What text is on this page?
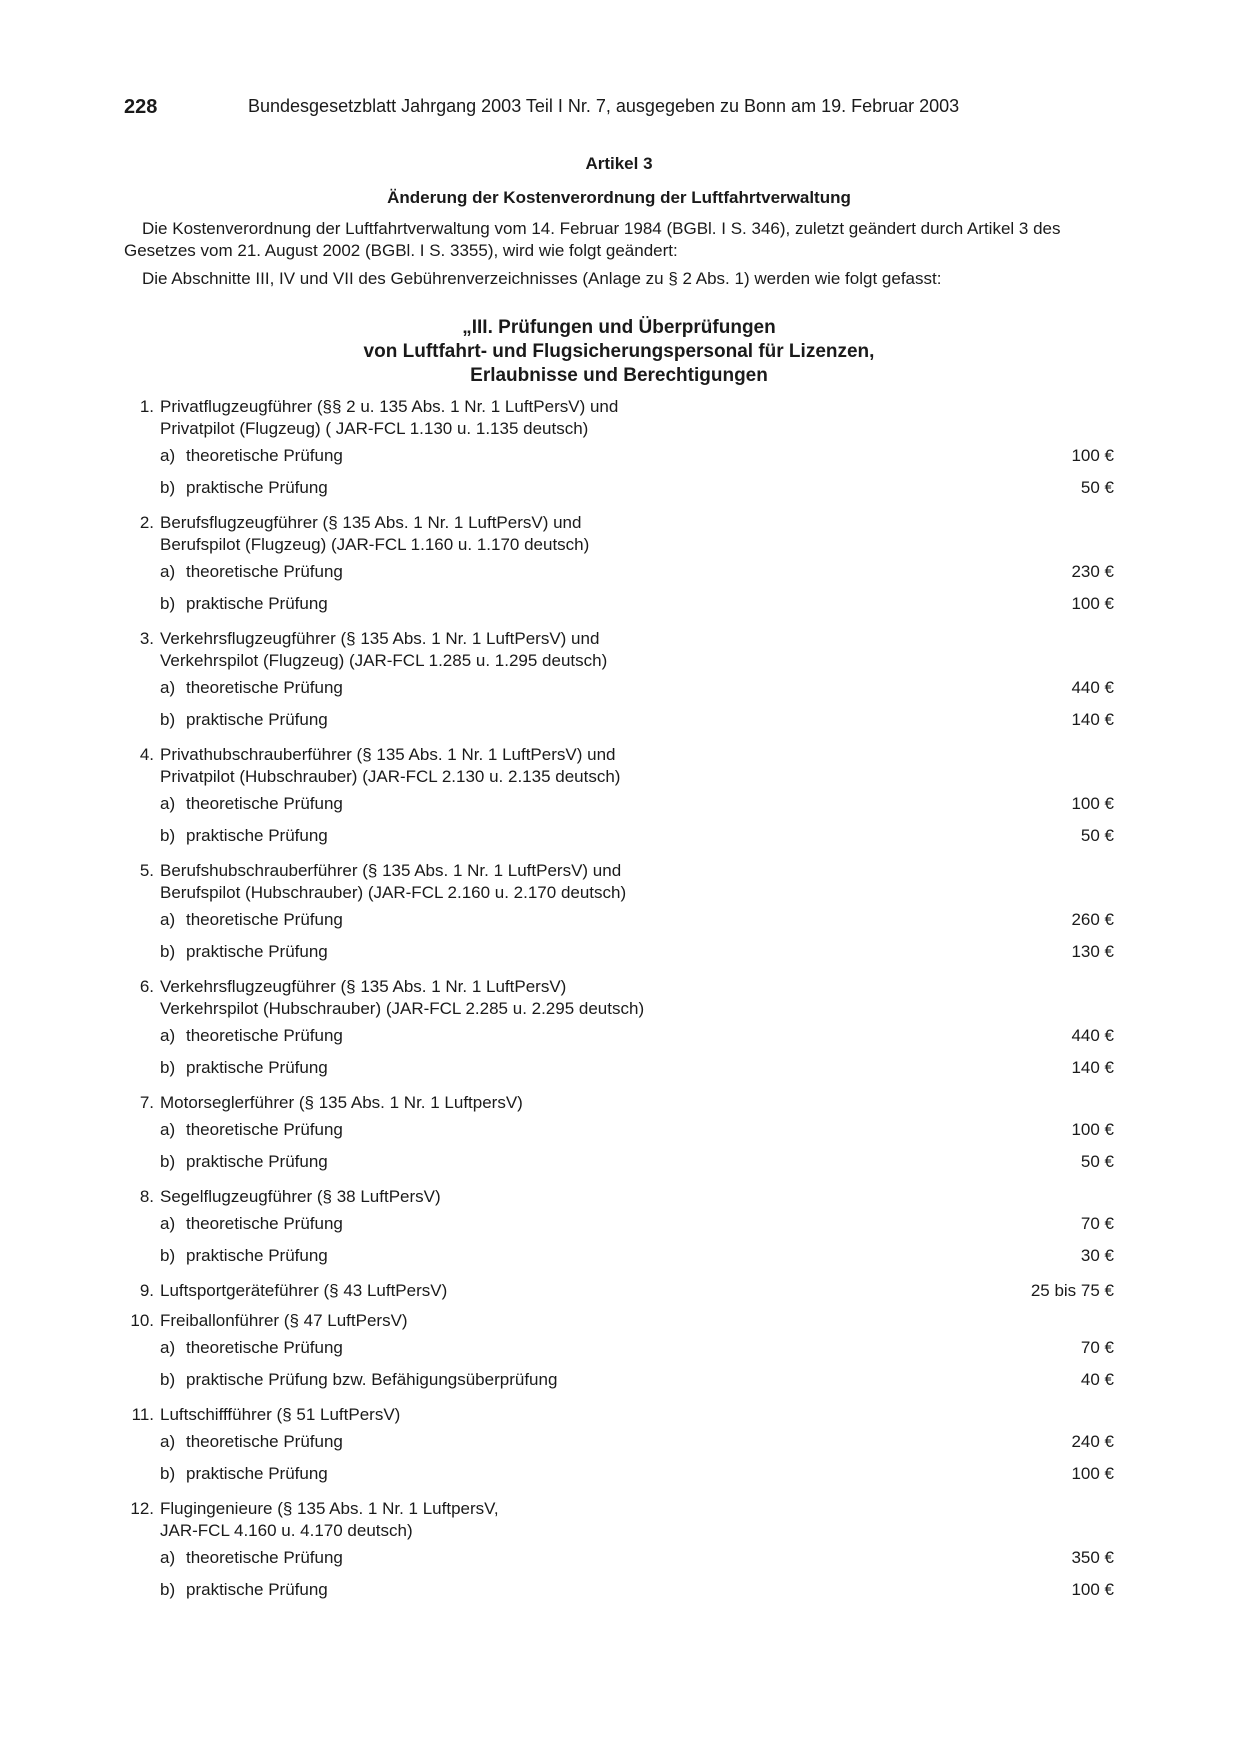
228	Bundesgesetzblatt Jahrgang 2003 Teil I Nr. 7, ausgegeben zu Bonn am 19. Februar 2003
Artikel 3
Änderung der Kostenverordnung der Luftfahrtverwaltung
Die Kostenverordnung der Luftfahrtverwaltung vom 14. Februar 1984 (BGBl. I S. 346), zuletzt geändert durch Artikel 3 des Gesetzes vom 21. August 2002 (BGBl. I S. 3355), wird wie folgt geändert:
Die Abschnitte III, IV und VII des Gebührenverzeichnisses (Anlage zu § 2 Abs. 1) werden wie folgt gefasst:
„III. Prüfungen und Überprüfungen
von Luftfahrt- und Flugsicherungspersonal für Lizenzen,
Erlaubnisse und Berechtigungen
1. Privatflugzeugführer (§§ 2 u. 135 Abs. 1 Nr. 1 LuftPersV) und
Privatpilot (Flugzeug) ( JAR-FCL 1.130 u. 1.135 deutsch)
a) theoretische Prüfung	100 €
b) praktische Prüfung	50 €
2. Berufsflugzeugführer (§ 135 Abs. 1 Nr. 1 LuftPersV) und
Berufspilot (Flugzeug) (JAR-FCL 1.160 u. 1.170 deutsch)
a) theoretische Prüfung	230 €
b) praktische Prüfung	100 €
3. Verkehrsflugzeugführer (§ 135 Abs. 1 Nr. 1 LuftPersV) und
Verkehrspilot (Flugzeug) (JAR-FCL 1.285 u. 1.295 deutsch)
a) theoretische Prüfung	440 €
b) praktische Prüfung	140 €
4. Privathubschrauberführer (§ 135 Abs. 1 Nr. 1 LuftPersV) und
Privatpilot (Hubschrauber) (JAR-FCL 2.130 u. 2.135 deutsch)
a) theoretische Prüfung	100 €
b) praktische Prüfung	50 €
5. Berufshubschrauberführer (§ 135 Abs. 1 Nr. 1 LuftPersV) und
Berufspilot (Hubschrauber) (JAR-FCL 2.160 u. 2.170 deutsch)
a) theoretische Prüfung	260 €
b) praktische Prüfung	130 €
6. Verkehrsflugzeugführer (§ 135 Abs. 1 Nr. 1 LuftPersV)
Verkehrspilot (Hubschrauber) (JAR-FCL 2.285 u. 2.295 deutsch)
a) theoretische Prüfung	440 €
b) praktische Prüfung	140 €
7. Motorseglerführer (§ 135 Abs. 1 Nr. 1 LuftpersV)
a) theoretische Prüfung	100 €
b) praktische Prüfung	50 €
8. Segelflugzeugführer (§ 38 LuftPersV)
a) theoretische Prüfung	70 €
b) praktische Prüfung	30 €
9. Luftsportgeräteführer (§ 43 LuftPersV)	25 bis 75 €
10. Freiballonführer (§ 47 LuftPersV)
a) theoretische Prüfung	70 €
b) praktische Prüfung bzw. Befähigungsüberprüfung	40 €
11. Luftschiffführer (§ 51 LuftPersV)
a) theoretische Prüfung	240 €
b) praktische Prüfung	100 €
12. Flugingenieure (§ 135 Abs. 1 Nr. 1 LuftpersV,
JAR-FCL 4.160 u. 4.170 deutsch)
a) theoretische Prüfung	350 €
b) praktische Prüfung	100 €
